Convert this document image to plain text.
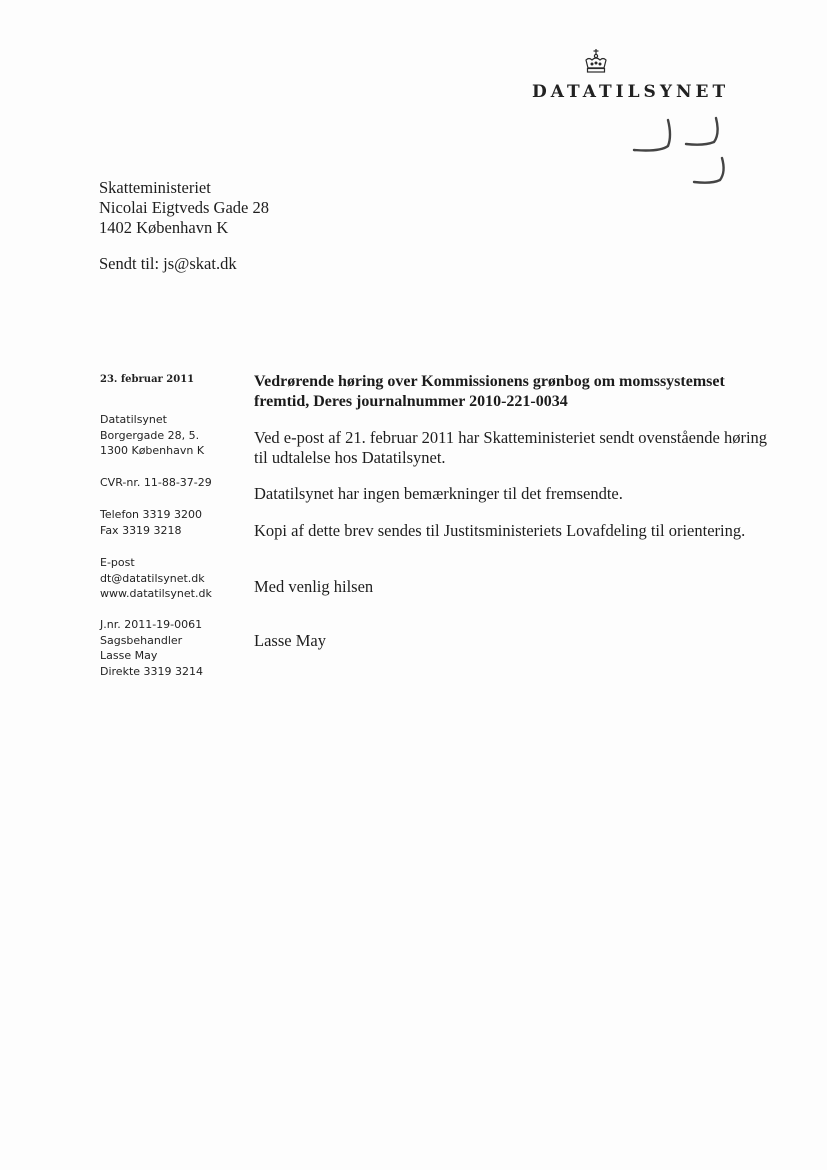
DATATILSYNET
Skatteministeriet
Nicolai Eigtveds Gade 28
1402 København K
Sendt til: js@skat.dk
23. februar 2011
Datatilsynet
Borgergade 28, 5.
1300 København K
CVR-nr. 11-88-37-29
Telefon 3319 3200
Fax 3319 3218
E-post
dt@datatilsynet.dk
www.datatilsynet.dk
J.nr. 2011-19-0061
Sagsbehandler
Lasse May
Direkte 3319 3214
Vedrørende høring over Kommissionens grønbog om momssystemset fremtid, Deres journalnummer 2010-221-0034
Ved e-post af 21. februar 2011 har Skatteministeriet sendt ovenstående høring til udtalelse hos Datatilsynet.
Datatilsynet har ingen bemærkninger til det fremsendte.
Kopi af dette brev sendes til Justitsministeriets Lovafdeling til orientering.
Med venlig hilsen
Lasse May
